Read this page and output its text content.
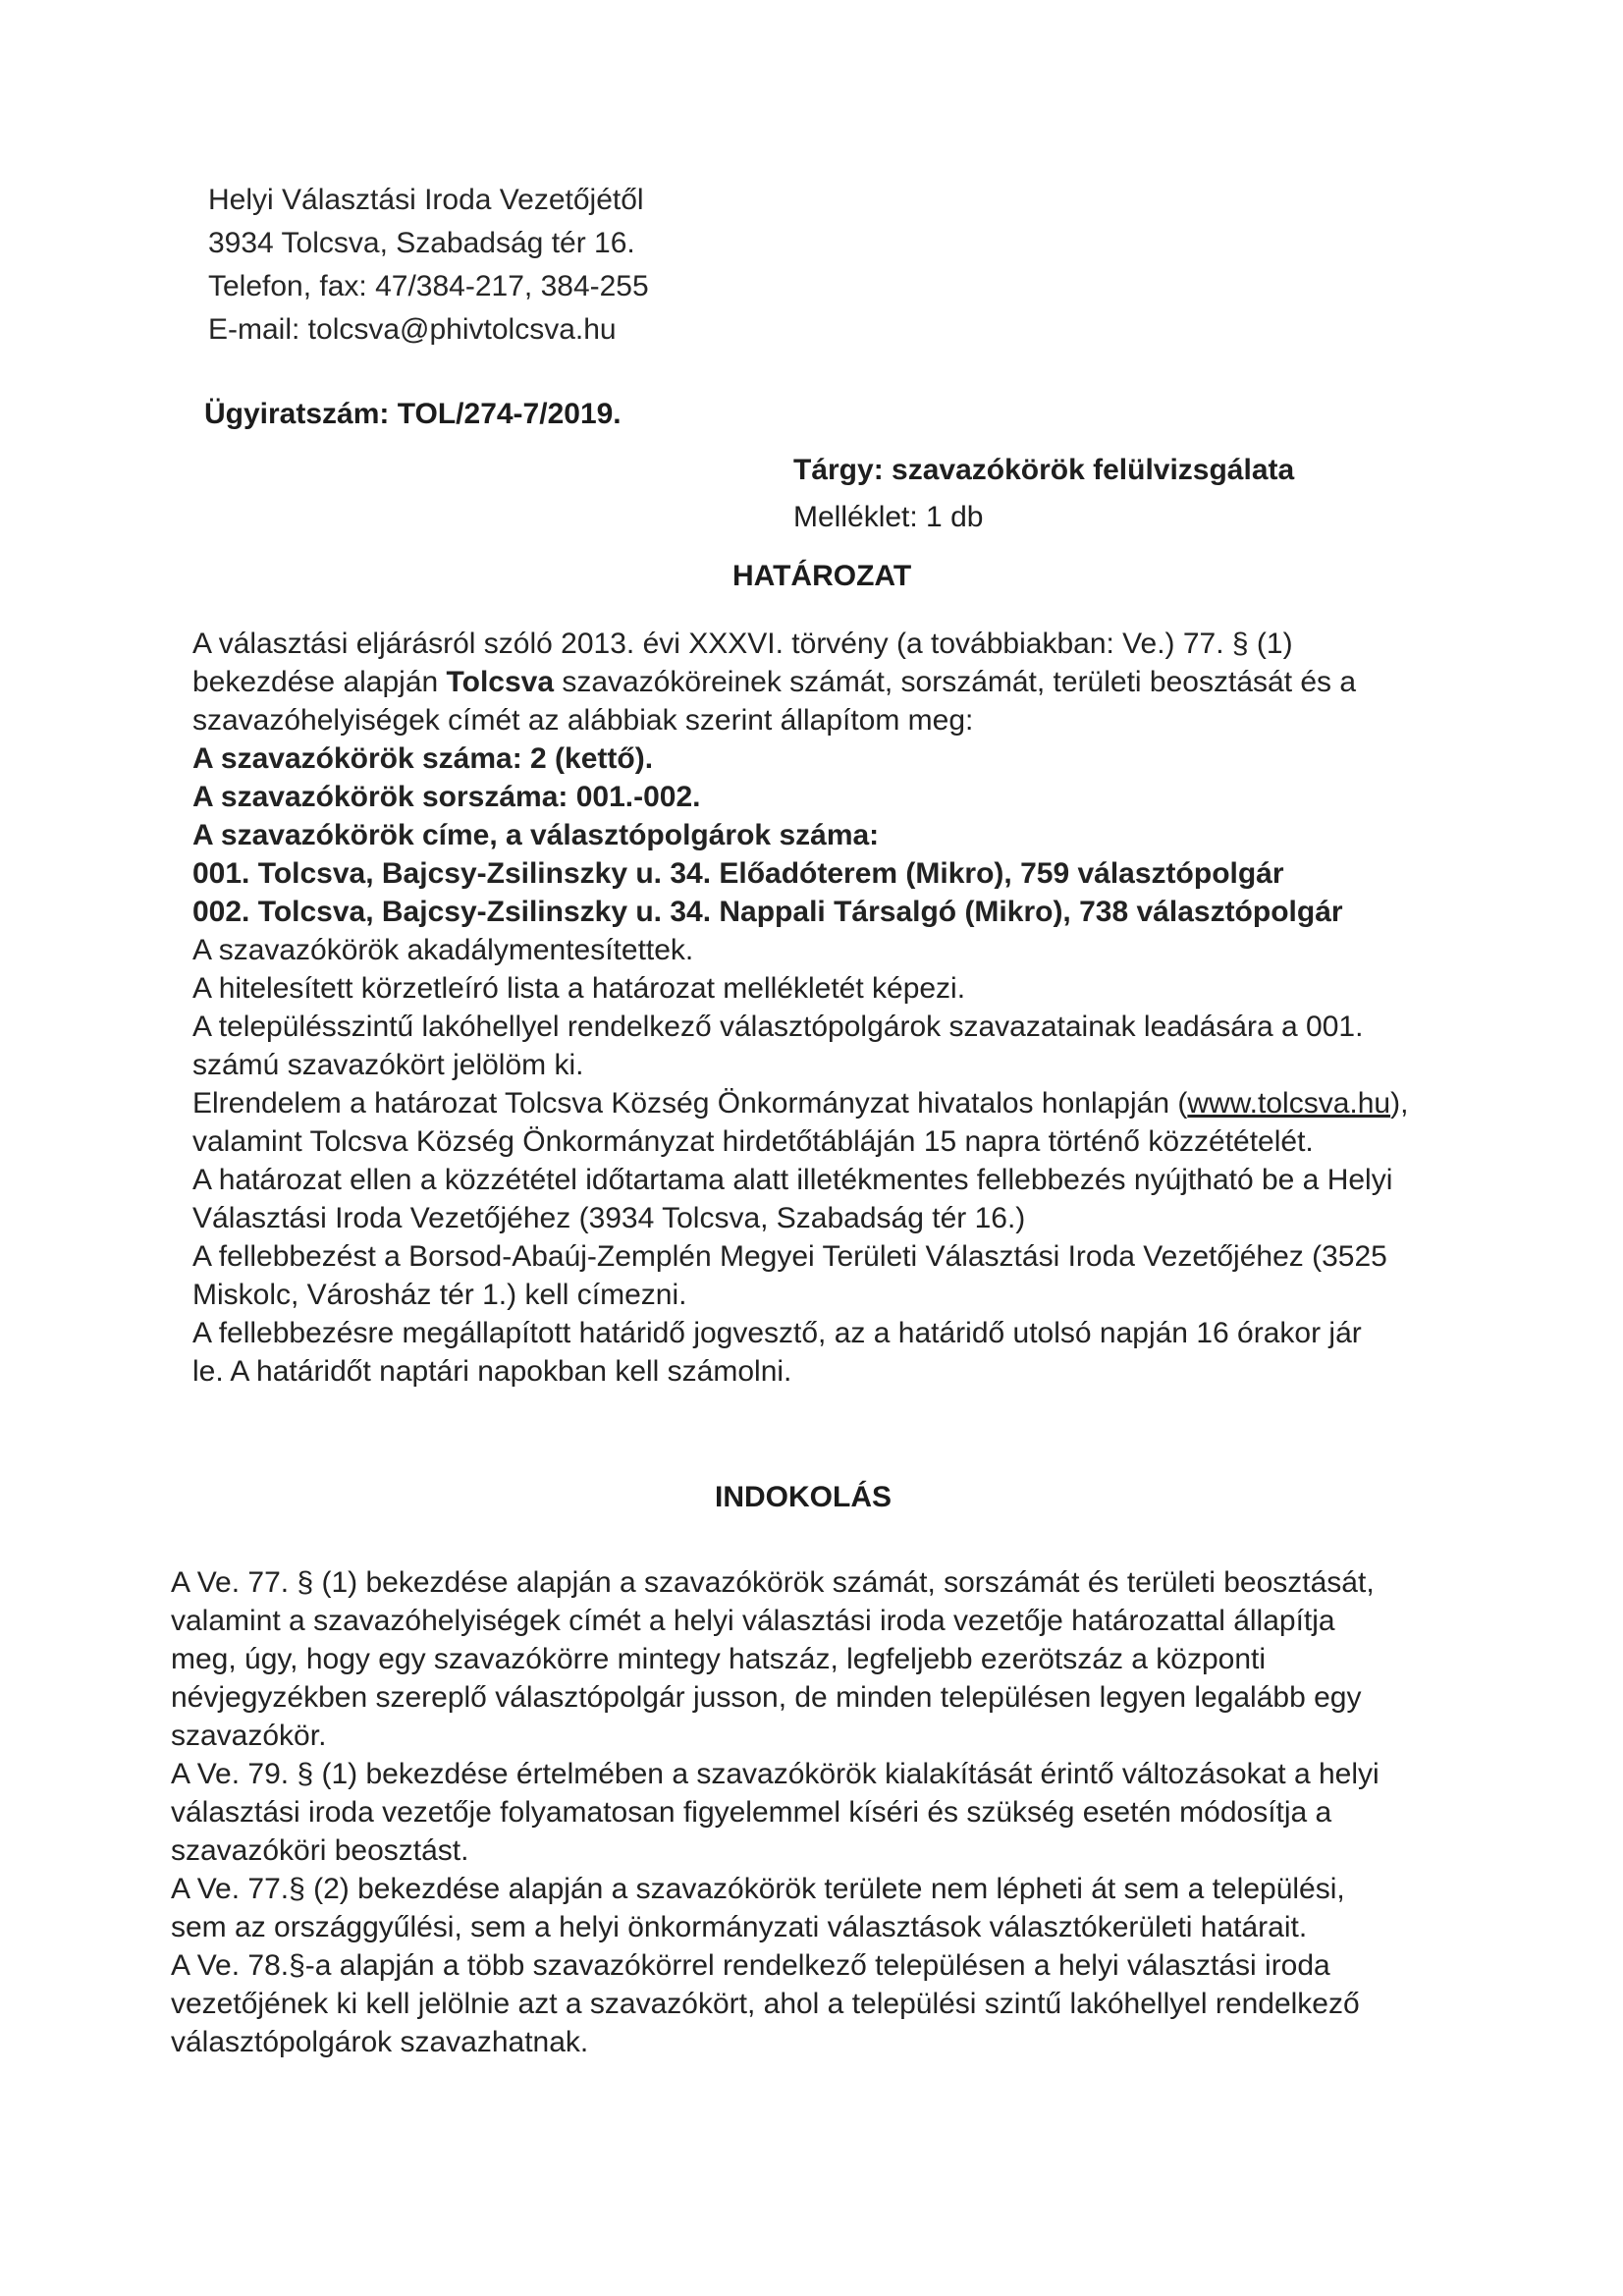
Helyi Választási Iroda Vezetőjétől
3934 Tolcsva, Szabadság tér 16.
Telefon, fax: 47/384-217, 384-255
E-mail: tolcsva@phivtolcsva.hu
Ügyiratszám: TOL/274-7/2019.
Tárgy: szavazókörök felülvizsgálata
Melléklet: 1 db
HATÁROZAT
A választási eljárásról szóló 2013. évi XXXVI. törvény (a továbbiakban: Ve.) 77. § (1)
bekezdése alapján Tolcsva szavazóköreinek számát, sorszámát, területi beosztását és a
szavazóhelyiségek címét az alábbiak szerint állapítom meg:
A szavazókörök száma: 2 (kettő).
A szavazókörök sorszáma: 001.-002.
A szavazókörök címe, a választópolgárok száma:
001. Tolcsva, Bajcsy-Zsilinszky u. 34. Előadóterem (Mikro), 759 választópolgár
002. Tolcsva, Bajcsy-Zsilinszky u. 34. Nappali Társalgó (Mikro), 738 választópolgár
A szavazókörök akadálymentesítettek.
A hitelesített körzetleíró lista a határozat mellékletét képezi.
A településszintű lakóhellyel rendelkező választópolgárok szavazatainak leadására a 001.
számú szavazókört jelölöm ki.
Elrendelem a határozat Tolcsva Község Önkormányzat hivatalos honlapján (www.tolcsva.hu),
valamint Tolcsva Község Önkormányzat hirdetőtábláján 15 napra történő közzétételét.
A határozat ellen a közzététel időtartama alatt illetékmentes fellebbezés nyújtható be a Helyi
Választási Iroda Vezetőjéhez (3934 Tolcsva, Szabadság tér 16.)
A fellebbezést a Borsod-Abaúj-Zemplén Megyei Területi Választási Iroda Vezetőjéhez (3525
Miskolc, Városház tér 1.) kell címezni.
A fellebbezésre megállapított határidő jogvesztő, az a határidő utolsó napján 16 órakor jár
le. A határidőt naptári napokban kell számolni.
INDOKOLÁS
A Ve. 77. § (1) bekezdése alapján a szavazókörök számát, sorszámát és területi beosztását,
valamint a szavazóhelyiségek címét a helyi választási iroda vezetője határozattal állapítja
meg, úgy, hogy egy szavazókörre mintegy hatszáz, legfeljebb ezerötszáz a központi
névjegyzékben szereplő választópolgár jusson, de minden településen legyen legalább egy
szavazókör.
A Ve. 79. § (1) bekezdése értelmében a szavazókörök kialakítását érintő változásokat a helyi
választási iroda vezetője folyamatosan figyelemmel kíséri és szükség esetén módosítja a
szavazóköri beosztást.
A Ve. 77.§ (2) bekezdése alapján a szavazókörök területe nem lépheti át sem a települési,
sem az országgyűlési, sem a helyi önkormányzati választások választókerületi határait.
A Ve. 78.§-a alapján a több szavazókörrel rendelkező településen a helyi választási iroda
vezetőjének ki kell jelölnie azt a szavazókört, ahol a települési szintű lakóhellyel rendelkező
választópolgárok szavazhatnak.
